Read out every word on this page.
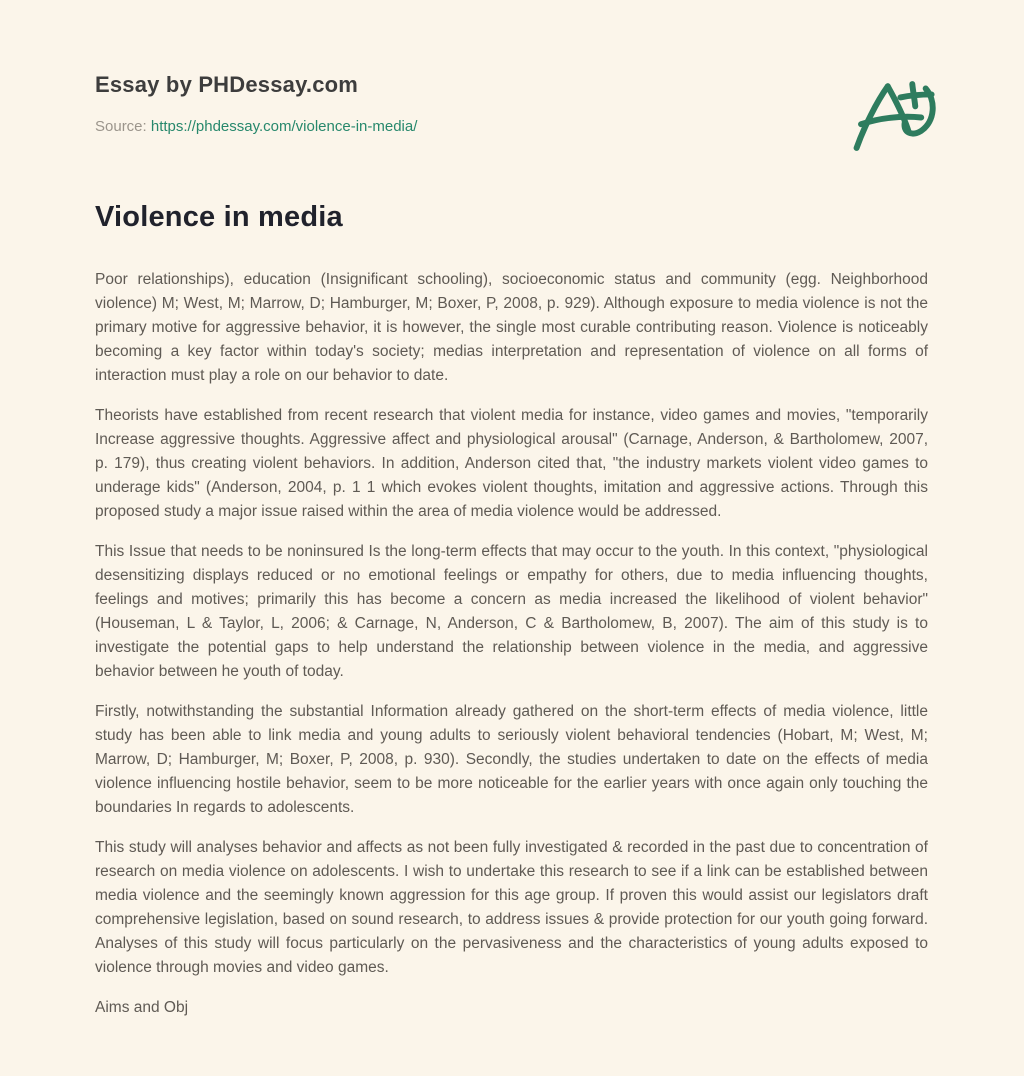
Essay by PHDessay.com
Source: https://phdessay.com/violence-in-media/
Violence in media

Poor relationships), education (Insignificant schooling), socioeconomic status and community (egg. Neighborhood violence) M; West, M; Marrow, D; Hamburger, M; Boxer, P, 2008, p. 929). Although exposure to media violence is not the primary motive for aggressive behavior, it is however, the single most curable contributing reason. Violence is noticeably becoming a key factor within today's society; medias interpretation and representation of violence on all forms of interaction must play a role on our behavior to date.

Theorists have established from recent research that violent media for instance, video games and movies, "temporarily Increase aggressive thoughts. Aggressive affect and physiological arousal" (Carnage, Anderson, & Bartholomew, 2007, p. 179), thus creating violent behaviors. In addition, Anderson cited that, "the industry markets violent video games to underage kids" (Anderson, 2004, p. 1 1 which evokes violent thoughts, imitation and aggressive actions. Through this proposed study a major issue raised within the area of media violence would be addressed.

This Issue that needs to be noninsured Is the long-term effects that may occur to the youth. In this context, "physiological desensitizing displays reduced or no emotional feelings or empathy for others, due to media influencing thoughts, feelings and motives; primarily this has become a concern as media increased the likelihood of violent behavior" (Houseman, L & Taylor, L, 2006; & Carnage, N, Anderson, C & Bartholomew, B, 2007). The aim of this study is to investigate the potential gaps to help understand the relationship between violence in the media, and aggressive behavior between he youth of today.

Firstly, notwithstanding the substantial Information already gathered on the short-term effects of media violence, little study has been able to link media and young adults to seriously violent behavioral tendencies (Hobart, M; West, M; Marrow, D; Hamburger, M; Boxer, P, 2008, p. 930). Secondly, the studies undertaken to date on the effects of media violence influencing hostile behavior, seem to be more noticeable for the earlier years with once again only touching the boundaries In regards to adolescents.

This study will analyses behavior and affects as not been fully investigated & recorded in the past due to concentration of research on media violence on adolescents. I wish to undertake this research to see if a link can be established between media violence and the seemingly known aggression for this age group. If proven this would assist our legislators draft comprehensive legislation, based on sound research, to address issues & provide protection for our youth going forward. Analyses of this study will focus particularly on the pervasiveness and the characteristics of young adults exposed to violence through movies and video games.

Aims and Obj
